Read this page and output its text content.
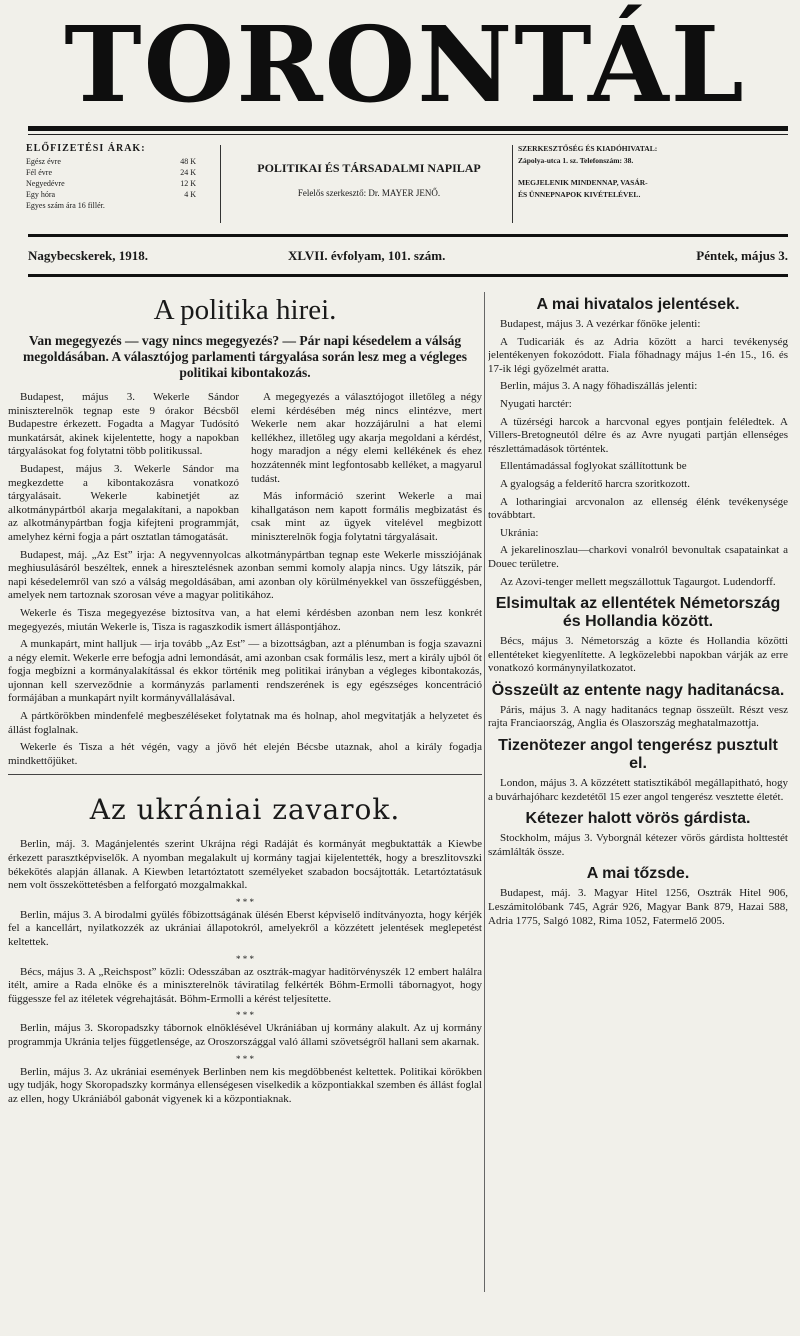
TORONTÁL
ELŐFIZETÉSI ÁRAK:
Egész évre	48 K
Fél évre	24 K
Negyedévre	12 K
Egy hóra	4 K
Egyes szám ára 16 fillér.
POLITIKAI ÉS TÁRSADALMI NAPILAP
Felelős szerkesztő: Dr. MAYER JENŐ.
SZERKESZTŐSÉG ÉS KIADÓHIVATAL:
Zápolya-utca 1. sz. Telefonszám: 38.
MEGJELENIK MINDENNAP, VASÁR-
ÉS ÜNNEPNAPOK KIVÉTELÉVEL.
Nagybecskerek, 1918.	XLVII. évfolyam, 101. szám.	Péntek, május 3.
A politika hirei.
Van megegyezés — vagy nincs megegyezés? — Pár napi késedelem a válság megoldásában. A választójog parlamenti tárgyalása során lesz meg a végleges politikai kibontakozás.

Budapest, május 3. Wekerle Sándor miniszterelnök tegnap este 9 órakor Bécsből Budapestre érkezett. Fogadta a Magyar Tudósító munkatársát, akinek kijelentette, hogy a napokban tárgyalásokat fog folytatni több politikussal.

Budapest, május 3. Wekerle Sándor ma megkezdette a kibontakozásra vonatkozó tárgyalásait. Wekerle kabinetjét az alkotmánypártból akarja megalakítani, a napokban az alkotmánypártban fogja kifejteni programmját, amelyhez kérni fogja a párt osztatlan támogatását.

A megegyezés a választójogot illetőleg a négy elemi kérdésében még nincs elintézve, mert Wekerle nem akar hozzájárulni a hat elemi kellékhez, illetőleg ugy akarja megoldani a kérdést, hogy maradjon a négy elemi kellékének és ehez hozzátennék mint legfontosabb kelléket, a magyarul tudást.

Más információ szerint Wekerle a mai kihallgatáson nem kapott formális megbizatást és csak mint az ügyek vitelével megbizott miniszterelnök fogja folytatni tárgyalásait.

Budapest, máj. „Az Est” irja: A negyvennyolcas alkotmánypártban tegnap este Wekerle missziójának meghiusulásáról beszéltek, ennek a hiresztelésnek azonban semmi komoly alapja nincs. Ugy látszik, pár napi késedelemről van szó a válság megoldásában, ami azonban oly körülményekkel van összefüggésben, amelyek nem tartoznak szorosan véve a magyar politikához.

Wekerle és Tisza megegyezése biztosítva van, a hat elemi kérdésben azonban nem lesz konkrét megegyezés, miután Wekerle is, Tisza is ragaszkodik ismert álláspontjához.

A munkapárt, mint halljuk — irja tovább „Az Est” — a bizottságban, azt a plénumban is fogja szavazni a négy elemit. Wekerle erre befogja adni lemondását, ami azonban csak formális lesz, mert a király ujból őt fogja megbízni a kormányalakítással és ekkor történik meg politikai irányban a végleges kibontakozás, ujonnan kell szerveződnie a kormányzás parlamenti rendszerének is egy egészséges koncentráció formájában a munkapárt nyilt kormányvállalásával.

A pártkörökben mindenfelé megbeszéléseket folytatnak ma és holnap, ahol megvitatják a helyzetet és állást foglalnak.

Wekerle és Tisza a hét végén, vagy a jövő hét elején Bécsbe utaznak, ahol a király fogadja mindkettőjüket.

Az ukrániai zavarok.

Berlin, máj. 3. Magánjelentés szerint Ukrájna régi Radáját és kormányát megbuktatták a Kiewbe érkezett parasztképviselők. A nyomban megalakult uj kormány tagjai kijelentették, hogy a breszlitovszki békekötés alapján állanak. A Kiewben letartóztatott személyeket szabadon bocsájtották. Letartóztatásuk nem volt összeköttetésben a felforgató mozgalmakkal.

* * *

Berlin, május 3. A birodalmi gyülés főbizottságának ülésén Eberst képviselő indítványozta, hogy kérjék fel a kancellárt, nyilatkozzék az ukrániai állapotokról, amelyekről a közzétett jelentések meglepetést keltettek.

* * *

Bécs, május 3. A „Reichspost” közli: Odesszában az osztrák-magyar haditörvényszék 12 embert halálra itélt, amire a Rada elnöke és a miniszterelnök táviratilag felkérték Böhm-Ermolli tábornagyot, hogy függessze fel az itéletek végrehajtását. Böhm-Ermolli a kérést teljesítette.

* * *

Berlin, május 3. Skoropadszky tábornok elnöklésével Ukrániában uj kormány alakult. Az uj kormány programmja Ukránia teljes függetlensége, az Oroszországgal való állami szövetségről hallani sem akarnak.

* * *

Berlin, május 3. Az ukrániai események Berlinben nem kis megdöbbenést keltettek. Politikai körökben ugy tudják, hogy Skoropadszky kormánya ellenségesen viselkedik a központiakkal szemben és állást foglal az ellen, hogy Ukrániából gabonát vigyenek ki a központiaknak.

A mai hivatalos jelentések.

Budapest, május 3. A vezérkar főnöke jelenti:

A Tudicariák és az Adria között a harci tevékenység jelentékenyen fokozódott. Fiala főhadnagy május 1-én 15., 16. és 17-ik légi győzelmét aratta.

Berlin, május 3. A nagy főhadiszállás jelenti:

Nyugati harctér:

A tüzérségi harcok a harcvonal egyes pontjain feléledtek. A Villers-Bretogneutól délre és az Avre nyugati partján ellenséges részlettámadások történtek.

Ellentámadással foglyokat szállítottunk be

A gyalogság a felderítő harcra szoritkozott.

A lotharingiai arcvonalon az ellenség élénk tevékenysége továbbtart.

Ukránia:

A jekarelinoszlau—charkovi vonalról bevonultak csapatainkat a Douec területre.

Az Azovi-tenger mellett megszállottuk Tagaurgot. Ludendorff.

Elsimultak az ellentétek Németország és Hollandia között.

Bécs, május 3. Németország a közte és Hollandia közötti ellentéteket kiegyenlítette. A legközelebbi napokban várják az erre vonatkozó kormánynyilatkozatot.

Összeült az entente nagy haditanácsa.

Páris, május 3. A nagy haditanács tegnap összeült. Részt vesz rajta Franciaország, Anglia és Olaszország meghatalmazottja.

Tizenötezer angol tengerész pusztult el.

London, május 3. A közzétett statisztikából megállapitható, hogy a buvárhajóharc kezdetétől 15 ezer angol tengerész vesztette életét.

Kétezer halott vörös gárdista.

Stockholm, május 3. Vyborgnál kétezer vörös gárdista holttestét számlálták össze.

A mai tőzsde.

Budapest, máj. 3. Magyar Hitel 1256, Osztrák Hitel 906, Leszámitolóbank 745, Agrár 926, Magyar Bank 879, Hazai 588, Adria 1775, Salgó 1082, Rima 1052, Fatermelő 2005.
